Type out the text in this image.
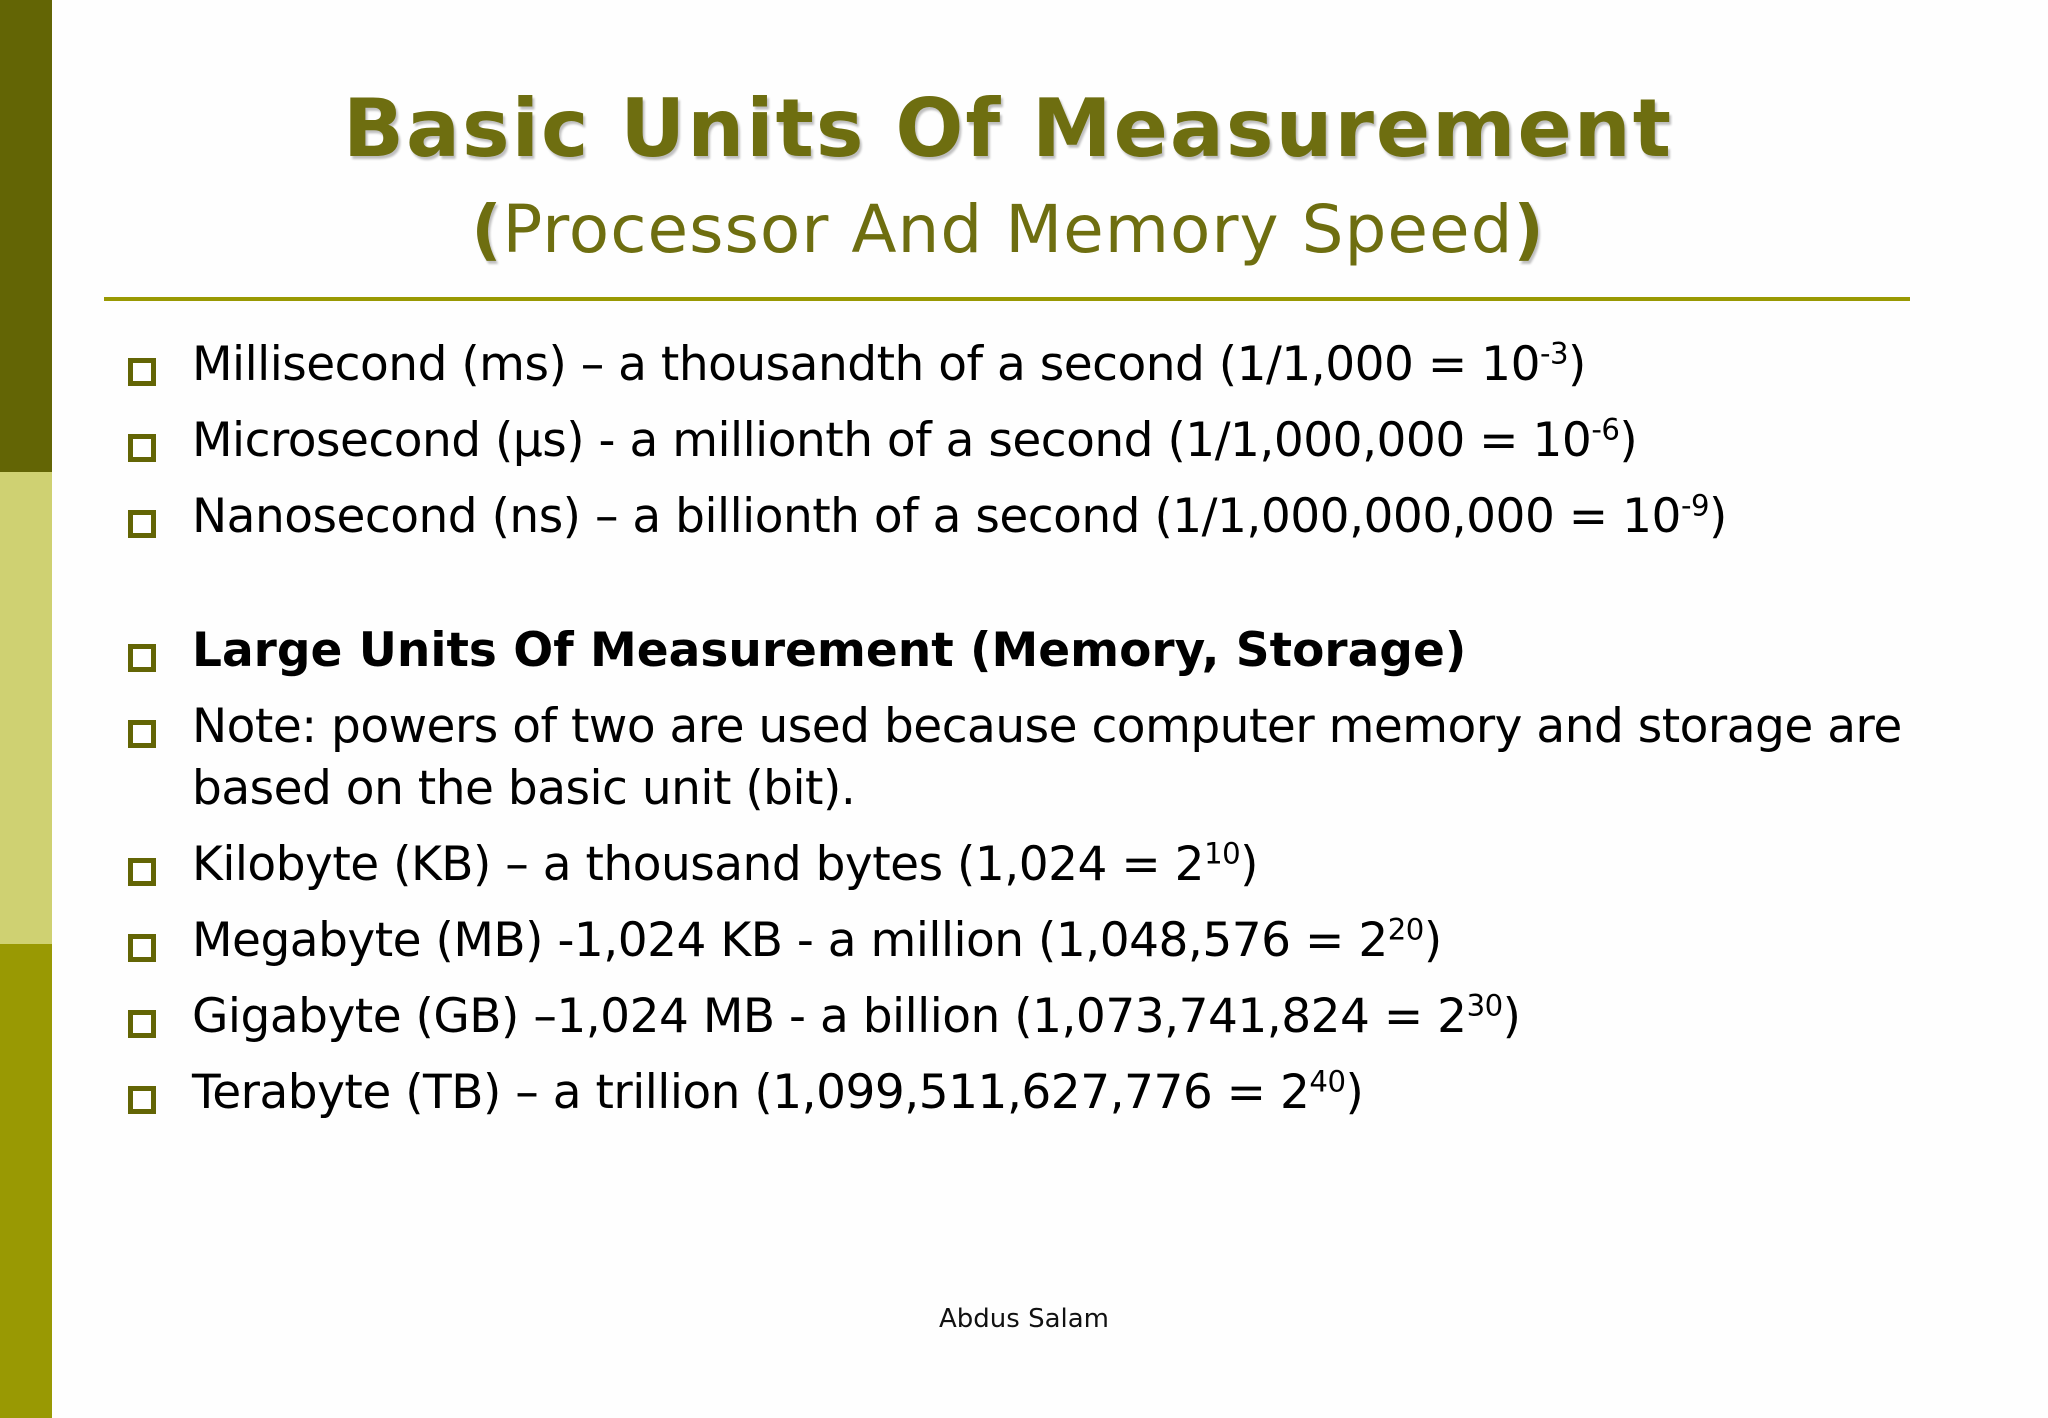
Basic Units Of Measurement

(Processor And Memory Speed)

Millisecond (ms) – a thousandth of a second $(1/1,000 = 10^{-3})$
Microsecond (µs) - a millionth of a second $(1/1,000,000 = 10^{-6})$
Nanosecond (ns) – a billionth of a second $(1/1,000,000,000 = 10^{-9})$
Large Units Of Measurement (Memory, Storage)
Note: powers of two are used because computer memory and storage are based on the basic unit (bit).
Kilobyte (KB) – a thousand bytes $(1,024 = 2^{10})$
Megabyte (MB) -1,024 KB - a million $(1,048,576 = 2^{20})$
Gigabyte (GB) –1,024 MB - a billion $(1,073,741,824 = 2^{30})$
Terabyte (TB) – a trillion $(1,099,511,627,776 = 2^{40})$
Abdus Salam
